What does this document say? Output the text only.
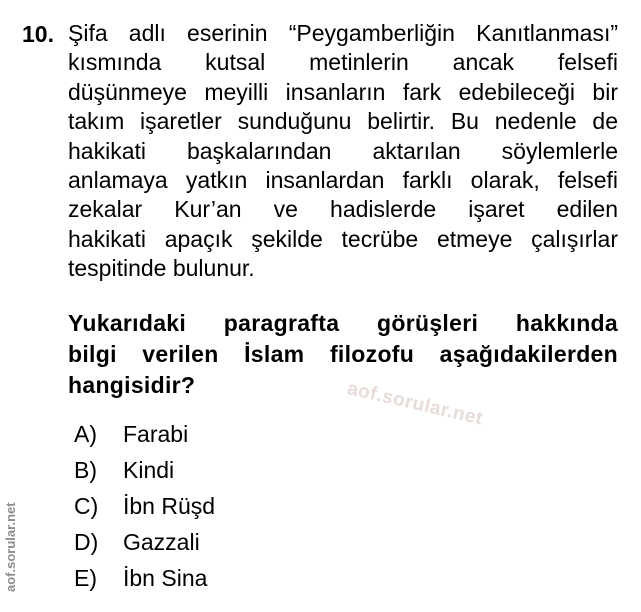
10. Şifa adlı eserinin “Peygamberliğin Kanıtlanması”
kısmında kutsal metinlerin ancak felsefi
düşünmeye meyilli insanların fark edebileceği bir
takım işaretler sunduğunu belirtir. Bu nedenle de
hakikati başkalarından aktarılan söylemlerle
anlamaya yatkın insanlardan farklı olarak, felsefi
zekalar Kur’an ve hadislerde işaret edilen
hakikati apaçık şekilde tecrübe etmeye çalışırlar
tespitinde bulunur.
Yukarıdaki paragrafta görüşleri hakkında
bilgi verilen İslam filozofu aşağıdakilerden
hangisidir?
A)	Farabi
B)	Kindi
C)	İbn Rüşd
D)	Gazzali
E)	İbn Sina
aof.sorular.net
aof.sorular.net
